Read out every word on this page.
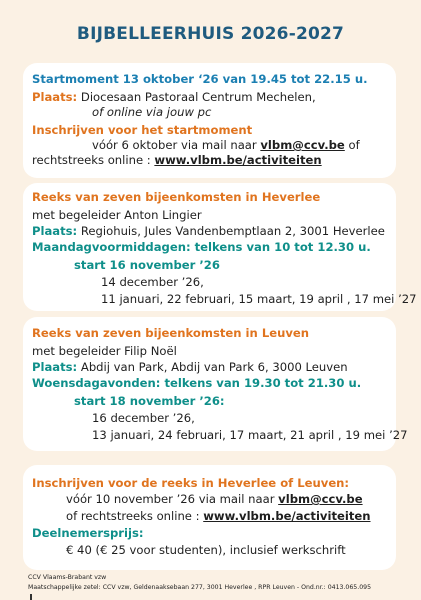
BIJBELLEERHUIS 2026-2027
Startmoment 13 oktober ‘26 van 19.45 tot 22.15 u.
Plaats: Diocesaan Pastoraal Centrum Mechelen,
of online via jouw pc
Inschrijven voor het startmoment
vóór 6 oktober via mail naar vlbm@ccv.be of
rechtstreeks online : www.vlbm.be/activiteiten
Reeks van zeven bijeenkomsten in Heverlee
met begeleider Anton Lingier
Plaats: Regiohuis, Jules Vandenbemptlaan 2, 3001 Heverlee
Maandagvoormiddagen: telkens van 10 tot 12.30 u.
start 16 november ’26
14 december ’26,
11 januari, 22 februari, 15 maart, 19 april , 17 mei ’27
Reeks van zeven bijeenkomsten in Leuven
met begeleider Filip Noël
Plaats: Abdij van Park, Abdij van Park 6, 3000 Leuven
Woensdagavonden: telkens van 19.30 tot 21.30 u.
start 18 november ’26:
16 december ’26,
13 januari, 24 februari, 17 maart, 21 april , 19 mei ’27
Inschrijven voor de reeks in Heverlee of Leuven:
vóór 10 november ’26 via mail naar vlbm@ccv.be
of rechtstreeks online : www.vlbm.be/activiteiten
Deelnemersprijs:
€ 40 (€ 25 voor studenten), inclusief werkschrift
CCV Vlaams-Brabant vzw
Maatschappelijke zetel: CCV vzw, Geldenaaksebaan 277, 3001 Heverlee , RPR Leuven - Ond.nr.: 0413.065.095
